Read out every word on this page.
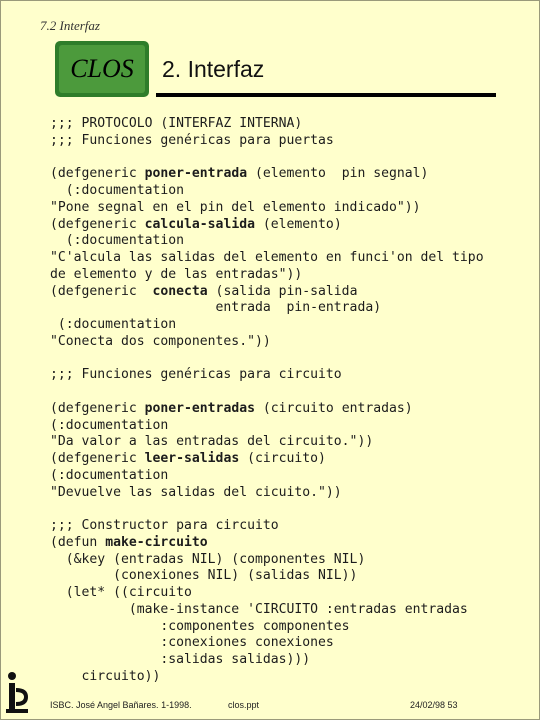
7.2 Interfaz
CLOS 2. Interfaz
;;; PROTOCOLO (INTERFAZ INTERNA)
;;; Funciones genéricas para puertas

(defgeneric poner-entrada (elemento  pin segnal)
(:documentation
"Pone segnal en el pin del elemento indicado"))
(defgeneric calcula-salida (elemento)
(:documentation
"C'alcula las salidas del elemento en funci'on del tipo
de elemento y de las entradas"))
(defgeneric  conecta (salida pin-salida
entrada  pin-entrada)
(:documentation
"Conecta dos componentes."))

;;; Funciones genéricas para circuito

(defgeneric poner-entradas (circuito entradas)
(:documentation
"Da valor a las entradas del circuito."))
(defgeneric leer-salidas (circuito)
(:documentation
"Devuelve las salidas del cicuito."))

;;; Constructor para circuito
(defun make-circuito
(&key (entradas NIL) (componentes NIL)
(conexiones NIL) (salidas NIL))
(let* ((circuito
(make-instance 'CIRCUITO :entradas entradas
:componentes componentes
:conexiones conexiones
:salidas salidas)))
circuito))
ISBC. José Angel Bañares. 1-1998.	clos.ppt	24/02/98 53
